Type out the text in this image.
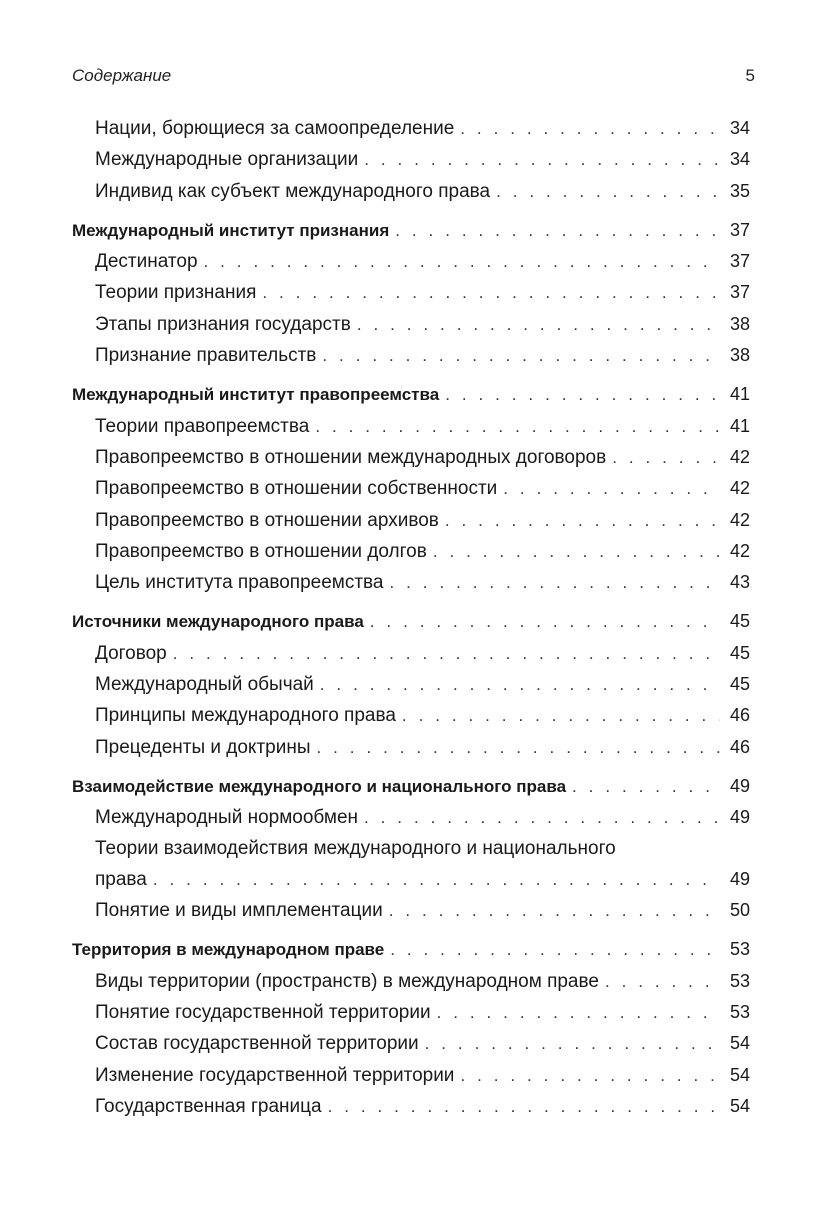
Содержание	5
Нации, борющиеся за самоопределение . . .	34
Международные организации . . .	34
Индивид как субъект международного права . . .	35
Международный институт признания . . .	37
Дестинатор . . .	37
Теории признания . . .	37
Этапы признания государств . . .	38
Признание правительств . . .	38
Международный институт правопреемства . . .	41
Теории правопреемства . . .	41
Правопреемство в отношении международных договоров . . .	42
Правопреемство в отношении собственности . . .	42
Правопреемство в отношении архивов . . .	42
Правопреемство в отношении долгов . . .	42
Цель института правопреемства . . .	43
Источники международного права . . .	45
Договор . . .	45
Международный обычай . . .	45
Принципы международного права . . .	46
Прецеденты и доктрины . . .	46
Взаимодействие международного и национального права . . .	49
Международный нормообмен . . .	49
Теории взаимодействия международного и национального
права . . .	49
Понятие и виды имплементации . . .	50
Территория в международном праве . . .	53
Виды территории (пространств) в международном праве . . .	53
Понятие государственной территории . . .	53
Состав государственной территории . . .	54
Изменение государственной территории . . .	54
Государственная граница . . .	54
